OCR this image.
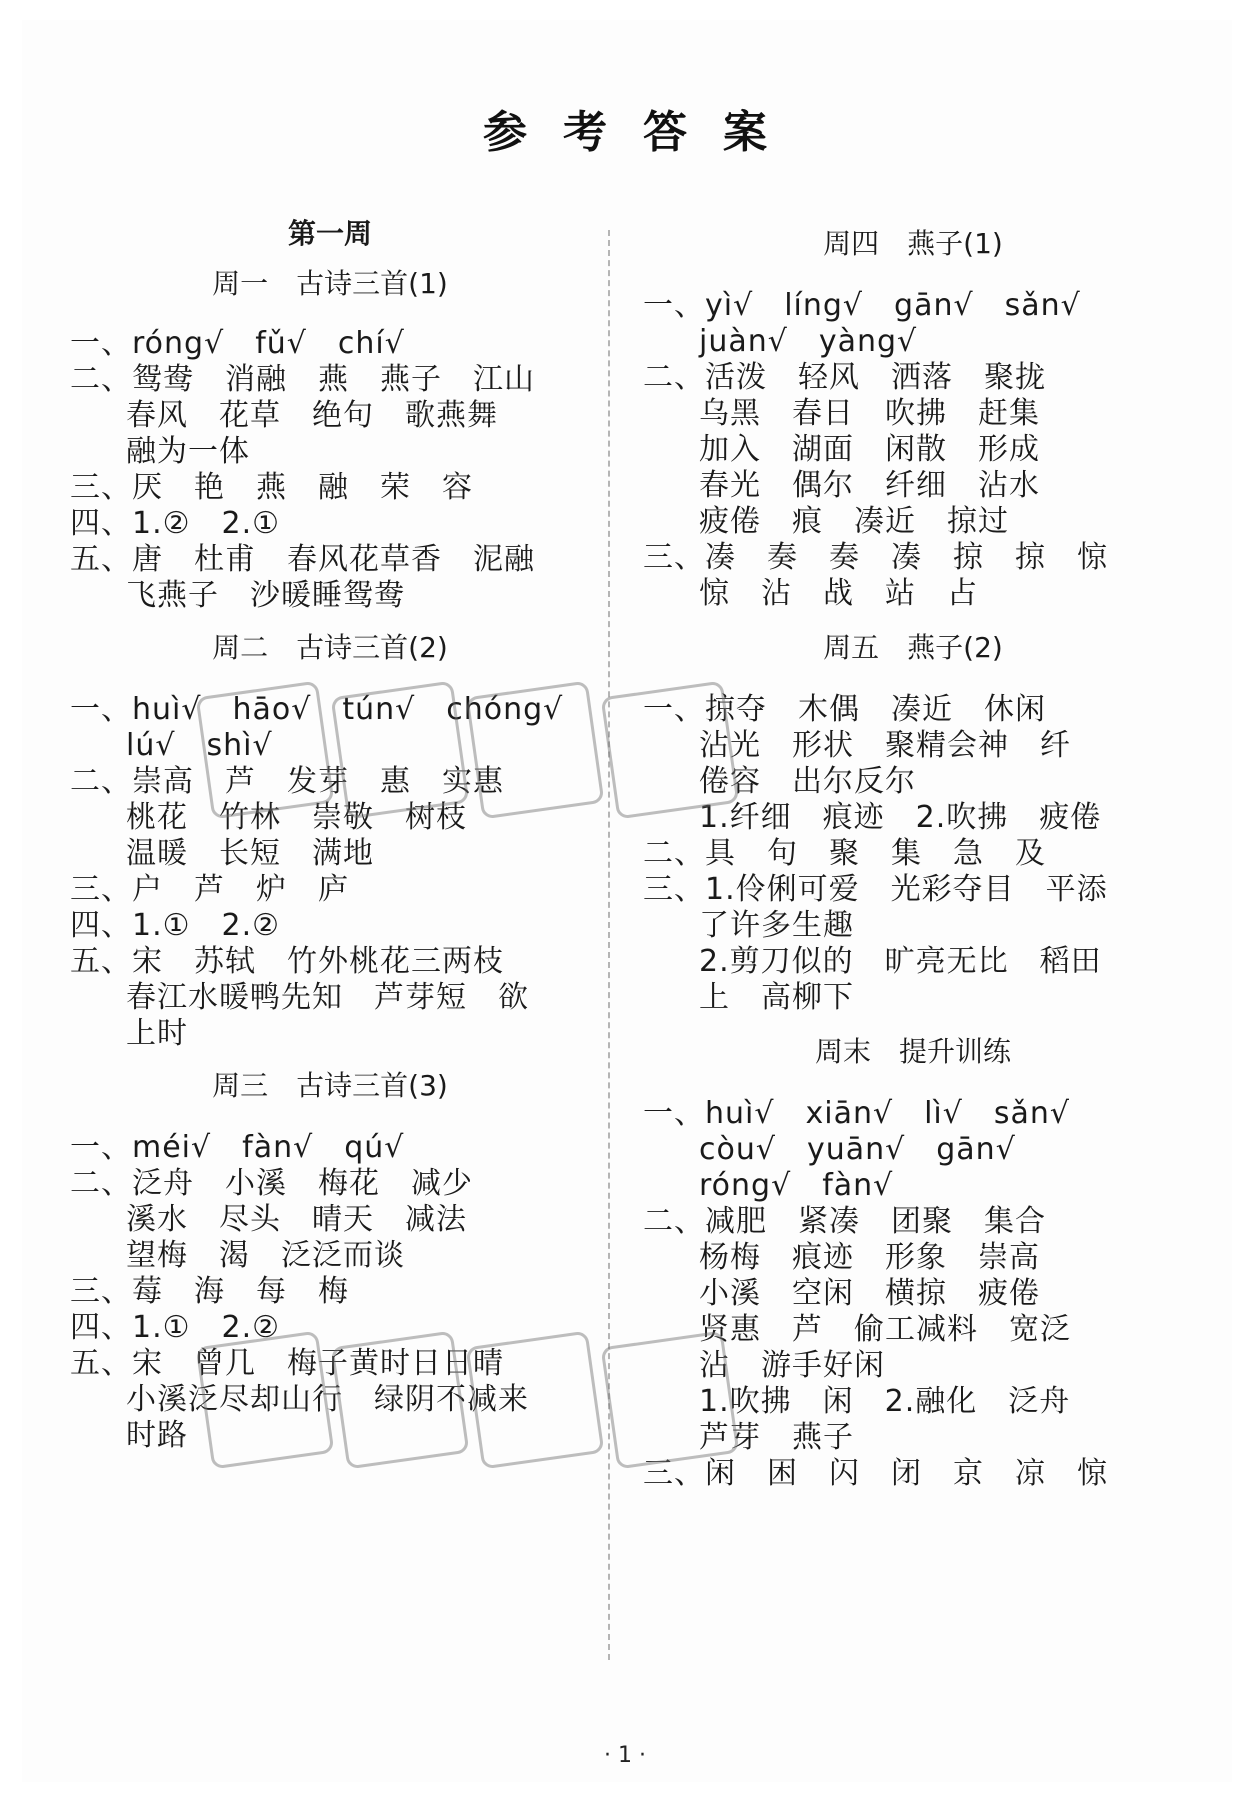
参 考 答 案
第一周
周一　古诗三首(1)
一、róng√　fǔ√　chí√
二、鸳鸯　消融　燕　燕子　江山
春风　花草　绝句　歌燕舞
融为一体
三、厌　艳　燕　融　荣　容
四、1.②　2.①
五、唐　杜甫　春风花草香　泥融
飞燕子　沙暖睡鸳鸯
周二　古诗三首(2)
一、huì√　hāo√　tún√　chóng√
lú√　shì√
二、崇高　芦　发芽　惠　实惠
桃花　竹林　崇敬　树枝
温暖　长短　满地
三、户　芦　炉　庐
四、1.①　2.②
五、宋　苏轼　竹外桃花三两枝
春江水暖鸭先知　芦芽短　欲
上时
周三　古诗三首(3)
一、méi√　fàn√　qú√
二、泛舟　小溪　梅花　减少
溪水　尽头　晴天　减法
望梅　渴　泛泛而谈
三、莓　海　每　梅
四、1.①　2.②
五、宋　曾几　梅子黄时日日晴
小溪泛尽却山行　绿阴不减来
时路
周四　燕子(1)
一、yì√　líng√　gān√　sǎn√
juàn√　yàng√
二、活泼　轻风　洒落　聚拢
乌黑　春日　吹拂　赶集
加入　湖面　闲散　形成
春光　偶尔　纤细　沾水
疲倦　痕　凑近　掠过
三、凑　奏　奏　凑　掠　掠　惊
惊　沾　战　站　占
周五　燕子(2)
一、掠夺　木偶　凑近　休闲
沾光　形状　聚精会神　纤
倦容　出尔反尔
1.纤细　痕迹　2.吹拂　疲倦
二、具　句　聚　集　急　及
三、1.伶俐可爱　光彩夺目　平添
了许多生趣
2.剪刀似的　旷亮无比　稻田
上　高柳下
周末　提升训练
一、huì√　xiān√　lì√　sǎn√
còu√　yuān√　gān√
róng√　fàn√
二、减肥　紧凑　团聚　集合
杨梅　痕迹　形象　崇高
小溪　空闲　横掠　疲倦
贤惠　芦　偷工减料　宽泛
沾　游手好闲
1.吹拂　闲　2.融化　泛舟
芦芽　燕子
三、闲　困　闪　闭　京　凉　惊
· 1 ·
